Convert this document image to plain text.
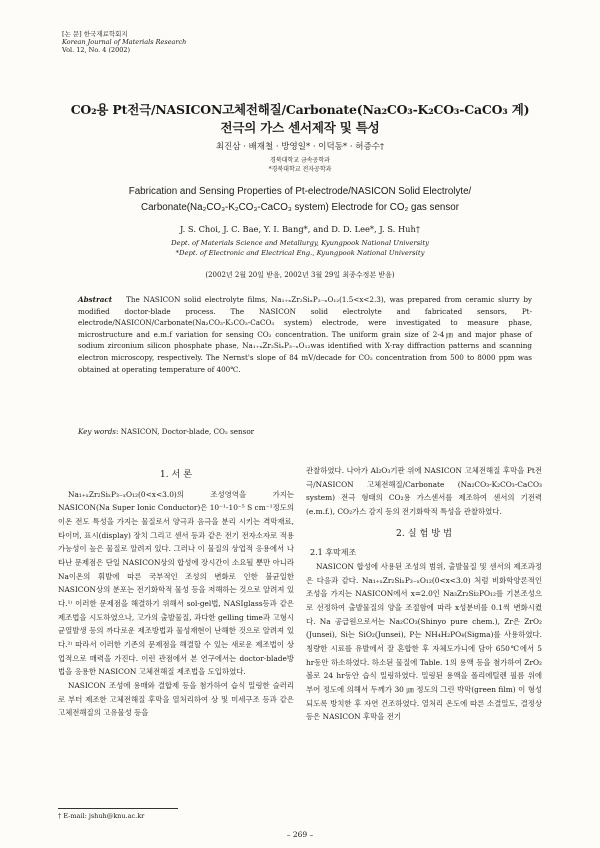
[논 문] 한국재료학회지
Korean Journal of Materials Research
Vol. 12, No. 4 (2002)
CO₂용 Pt전극/NASICON고체전해질/Carbonate(Na₂CO₃-K₂CO₃-CaCO₃ 계)
전극의 가스 센서제작 및 특성
최진삼 · 배재철 · 방영일* · 이덕동* · 허증수†
경북대학교 금속공학과
*경북대학교 전자공학과
Fabrication and Sensing Properties of Pt-electrode/NASICON Solid Electrolyte/
Carbonate(Na₂CO₃-K₂CO₃-CaCO₃ system) Electrode for CO₂ gas sensor
J. S. Choi, J. C. Bae, Y. I. Bang*, and D. D. Lee*, J. S. Huh†
Dept. of Materials Science and Metallurgy, Kyungpook National University
*Dept. of Electronic and Electrical Eng., Kyungpook National University
(2002년 2월 20일 받음, 2002년 3월 29일 최종수정본 받음)
Abstract The NASICON solid electrolyte films, Na₁₊ₓZr₂SiₓP₃₋ₓO₁₂(1.5<x<2.3), was prepared from ceramic slurry by modified doctor-blade process. The NASICON solid electrolyte and fabricated sensors, Pt-electrode/NASICON/Carbonate(Na₂CO₃-K₂CO₃-CaCO₃ system) electrode, were investigated to measure phase, microstructure and e.m.f variation for sensing CO₂ concentration. The uniform grain size of 2-4㎛ and major phase of sodium zirconium silicon phosphate phase, Na₁₊ₓZr₂SiₓP₃₋ₓO₁₂was identified with X-ray diffraction patterns and scanning electron microscopy, respectively. The Nernst's slope of 84 mV/decade for CO₂ concentration from 500 to 8000 ppm was obtained at operating temperature of 400℃.
Key words: NASICON, Doctor-blade, CO₂ sensor
1. 서 론

Na₁₊ₓZr₂SiₓP₃₋ₓO₁₂(0<x<3.0)의 조성영역을 가지는 NASICON(Na Super Ionic Conductor)은 10⁻¹-10⁻⁵ S cm⁻¹정도의 이온 전도 특성을 가지는 물질로서 양극과 음극을 분리 시키는 격막재료, 타이머, 표시(display) 장치 그리고 센서 등과 같은 전기 전자소자로 적용 가능성이 높은 물질로 알려져 있다. 그러나 이 물질의 상업적 응용에서 나타난 문제점은 단일 NASICON상의 합성에 장시간이 소요될 뿐만 아니라 Na이온의 휘발에 따른 국부적인 조성의 변화로 인한 불균일한 NASICON상의 분포는 전기화학적 물성 등을 저해하는 것으로 알려져 있다.¹⁾ 이러한 문제점을 해결하기 위해서 sol-gel법, NASIglass등과 같은 제조법을 시도하였으나, 고가의 출발물질, 과다한 gelling time과 고형시 균열발생 등의 까다로운 제조방법과 물성재현이 난해한 것으로 알려져 있다.²⁾ 따라서 이러한 기존의 문제점을 해결할 수 있는 새로운 제조법이 상업적으로 매력을 가진다. 이런 관점에서 본 연구에서는 doctor-blade방법을 응용한 NASICON 고체전해질 제조법을 도입하였다.

NASICON 조성에 용매와 결합제 등을 첨가하여 습식 밀링한 슬러리로 부터 제조한 고체전해질 후막을 열처리하여 상 및 미세구조 등과 같은 고체전해질의 고유물성 등을

관찰하였다. 나아가 Al₂O₃기판 위에 NASICON 고체전해질 후막을 Pt전극/NASICON 고체전해질/Carbonate (Na₂CO₃-K₂CO₃-CaCO₃ system) 전극 형태의 CO₂용 가스센서를 제조하여 센서의 기전력(e.m.f.), CO₂가스 감지 등의 전기화학적 특성을 관찰하였다.

2. 실 험 방 법
2.1 후막제조

NASICON 합성에 사용된 조성의 범위, 출발물질 및 센서의 제조과정은 다음과 같다. Na₁₊ₓZr₂SiₓP₃₋ₓO₁₂(0<x<3.0) 처럼 비화학양론적인 조성을 가지는 NASICON에서 x=2.0인 Na₃Zr₂Si₂PO₁₂를 기본조성으로 선정하여 출발물질의 양을 조절함에 따라 x성분비를 0.1씩 변화시켰다. Na 공급원으로서는 Na₂CO₃(Shinyo pure chem.), Zr은 ZrO₂ (Junsei), Si는 SiO₂(Junsei), P는 NH₄H₂PO₄(Sigma)를 사용하였다. 칭량한 시료를 유발에서 잘 혼합한 후 자체도가니에 담아 650℃에서 5 hr동안 하소하였다. 하소된 물질에 Table. 1의 용액 등을 첨가하여 ZrO₂볼로 24 hr동안 습식 밀링하였다. 밀링된 용액을 폴리에틸렌 필름 위에 부어 정도에 의해서 두께가 30 ㎛ 정도의 그린 박막(green film) 이 형성되도록 방치한 후 자연 건조하였다. 열처리 온도에 따른 소결밀도, 결정상 등은 NASICON 후막을 전기

† E-mail: jshuh@knu.ac.kr
– 269 –
